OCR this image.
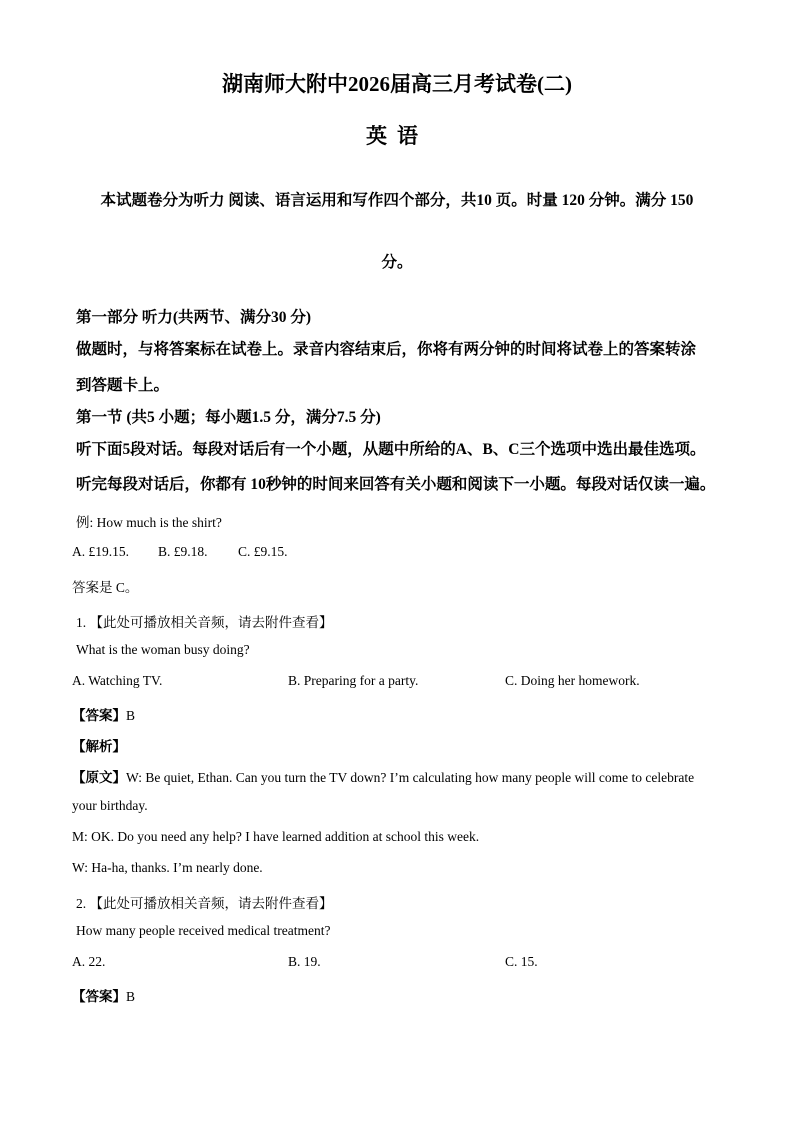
湖南师大附中2026届高三月考试卷(二)
英语
本试题卷分为听力 阅读、语言运用和写作四个部分，共10 页。时量 120 分钟。满分 150
分。
第一部分 听力(共两节、满分30 分)
做题时，与将答案标在试卷上。录音内容结束后，你将有两分钟的时间将试卷上的答案转涂
到答题卡上。
第一节 (共5 小题；每小题1.5 分，满分7.5 分)
听下面5段对话。每段对话后有一个小题，从题中所给的A、B、C三个选项中选出最佳选项。
听完每段对话后，你都有 10秒钟的时间来回答有关小题和阅读下一小题。每段对话仅读一遍。
例: How much is the shirt?
A. £19.15. B. £9.18. C. £9.15.
答案是 C。
1. 【此处可播放相关音频，请去附件查看】
What is the woman busy doing?
A. Watching TV.	B. Preparing for a party.	C. Doing her homework.
【答案】B
【解析】
【原文】W: Be quiet, Ethan. Can you turn the TV down? I’m calculating how many people will come to celebrate
your birthday.
M: OK. Do you need any help? I have learned addition at school this week.
W: Ha-ha, thanks. I’m nearly done.
2. 【此处可播放相关音频，请去附件查看】
How many people received medical treatment?
A. 22.	B. 19.	C. 15.
【答案】B
